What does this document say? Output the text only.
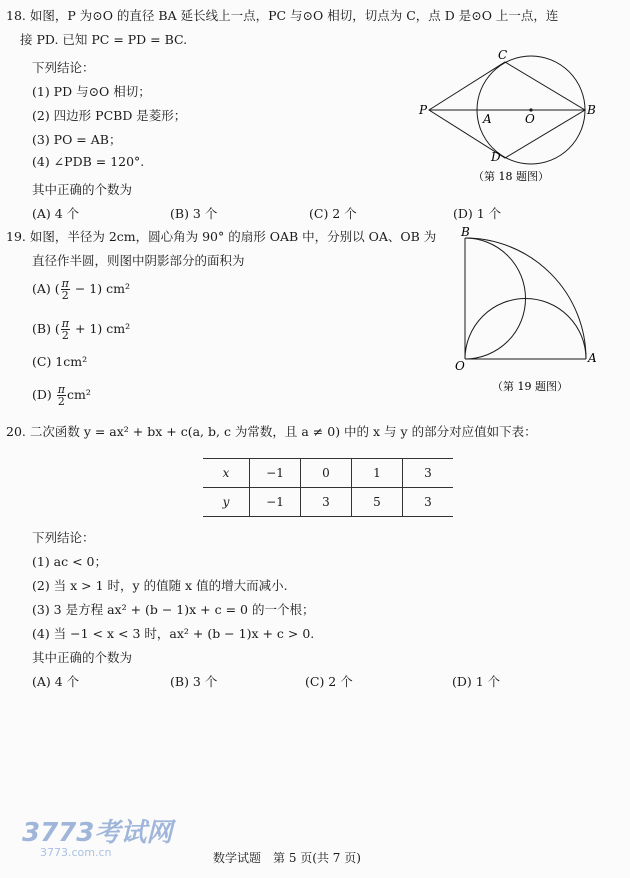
18. 如图，P 为⊙O 的直径 BA 延长线上一点，PC 与⊙O 相切，切点为 C，点 D 是⊙O 上一点，连
接 PD. 已知 PC = PD = BC.
下列结论：
(1) PD 与⊙O 相切；
(2) 四边形 PCBD 是菱形；
(3) PO = AB；
(4) ∠PDB = 120°.
其中正确的个数为
(A) 4 个	(B) 3 个	(C) 2 个	(D) 1 个
P
C
A	O
B
D
（第 18 题图）
19. 如图，半径为 2cm，圆心角为 90° 的扇形 OAB 中，分别以 OA、OB 为
直径作半圆，则图中阴影部分的面积为
(A) ( $\frac{\pi}{2} - 1$) cm²
(B) ( $\frac{\pi}{2} + 1$) cm²
(C) 1cm²
$(D) \frac{\pi}{2} cm^2$
B
O
A
（第 19 题图）
20. 二次函数 y = ax² + bx + c(a, b, c 为常数，且 a ≠ 0) 中的 x 与 y 的部分对应值如下表：
x	−1	0	1	3
y	−1	3	5	3
下列结论：
(1) ac < 0；
(2) 当 x > 1 时，y 的值随 x 值的增大而减小.
(3) 3 是方程 ax² + (b − 1)x + c = 0 的一个根；
(4) 当 −1 < x < 3 时，ax² + (b − 1)x + c > 0.
其中正确的个数为
(A) 4 个	(B) 3 个	(C) 2 个	(D) 1 个
3773考试网
3773.com.cn	数学试题　第 5 页(共 7 页)
